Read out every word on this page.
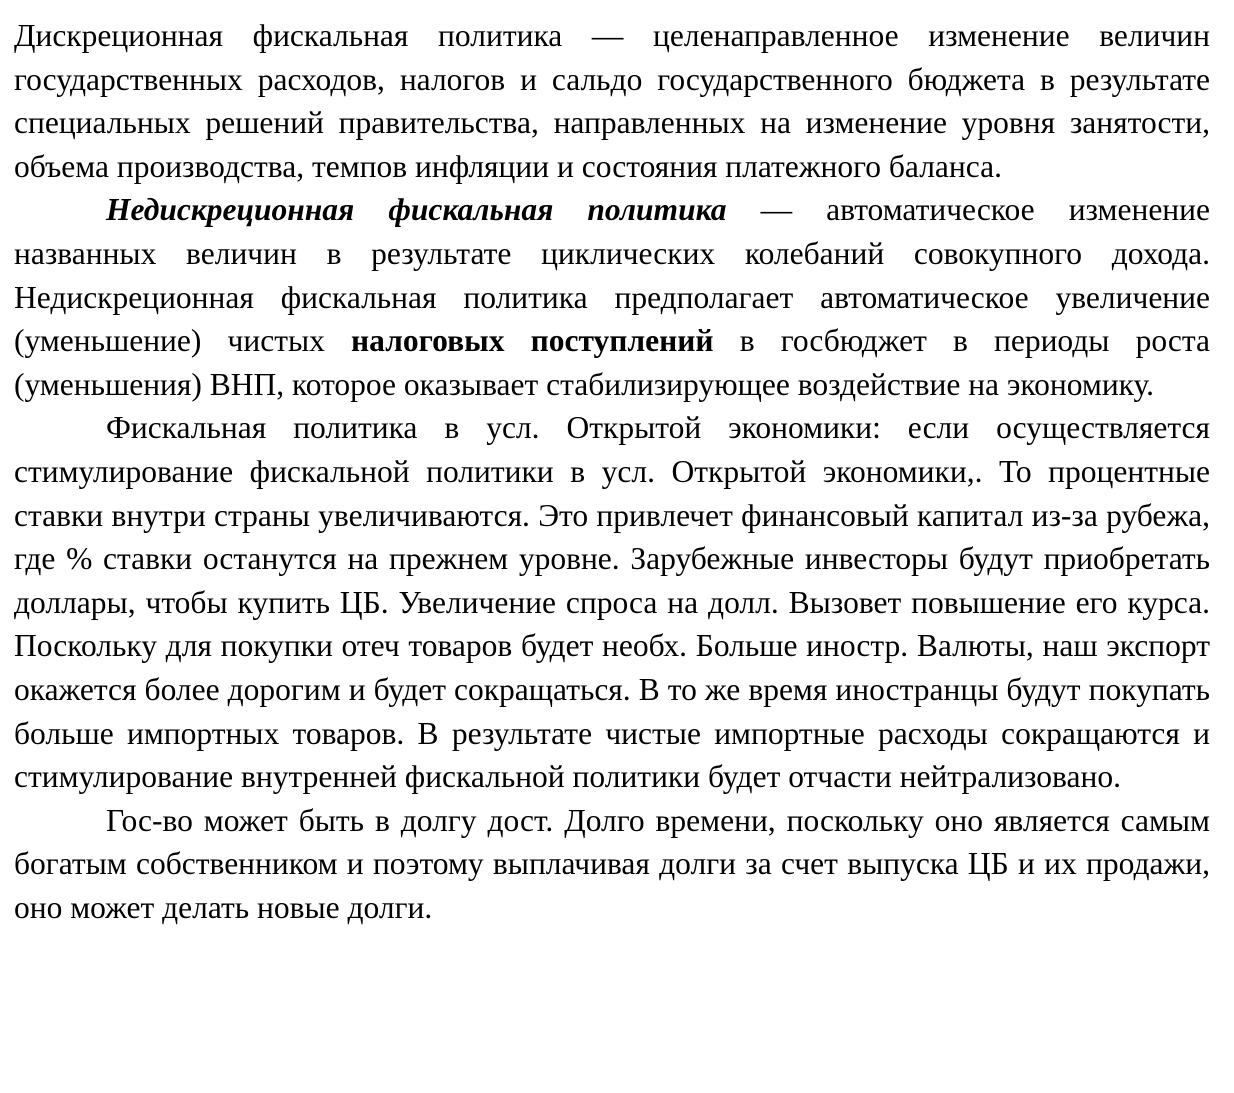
Дискреционная фискальная политика — целенаправленное изменение величин государственных расходов, налогов и сальдо государственного бюджета в результате специальных решений правительства, направленных на изменение уровня занятости, объема производства, темпов инфляции и состояния платежного баланса.

Недискреционная фискальная политика — автоматическое изменение названных величин в результате циклических колебаний совокупного дохода. Недискреционная фискальная политика предполагает автоматическое увеличение (уменьшение) чистых налоговых поступлений в госбюджет в периоды роста (уменьшения) ВНП, которое оказывает стабилизирующее воздействие на экономику.

Фискальная политика в усл. Открытой экономики: если осуществляется стимулирование фискальной политики в усл. Открытой экономики,. То процентные ставки внутри страны увеличиваются. Это привлечет финансовый капитал из-за рубежа, где % ставки останутся на прежнем уровне. Зарубежные инвесторы будут приобретать доллары, чтобы купить ЦБ. Увеличение спроса на долл. Вызовет повышение его курса. Поскольку для покупки отеч товаров будет необх. Больше иностр. Валюты, наш экспорт окажется более дорогим и будет сокращаться. В то же время иностранцы будут покупать больше импортных товаров. В результате чистые импортные расходы сокращаются и стимулирование внутренней фискальной политики будет отчасти нейтрализовано.

Гос-во может быть в долгу дост. Долго времени, поскольку оно является самым богатым собственником и поэтому выплачивая долги за счет выпуска ЦБ и их продажи, оно может делать новые долги.
